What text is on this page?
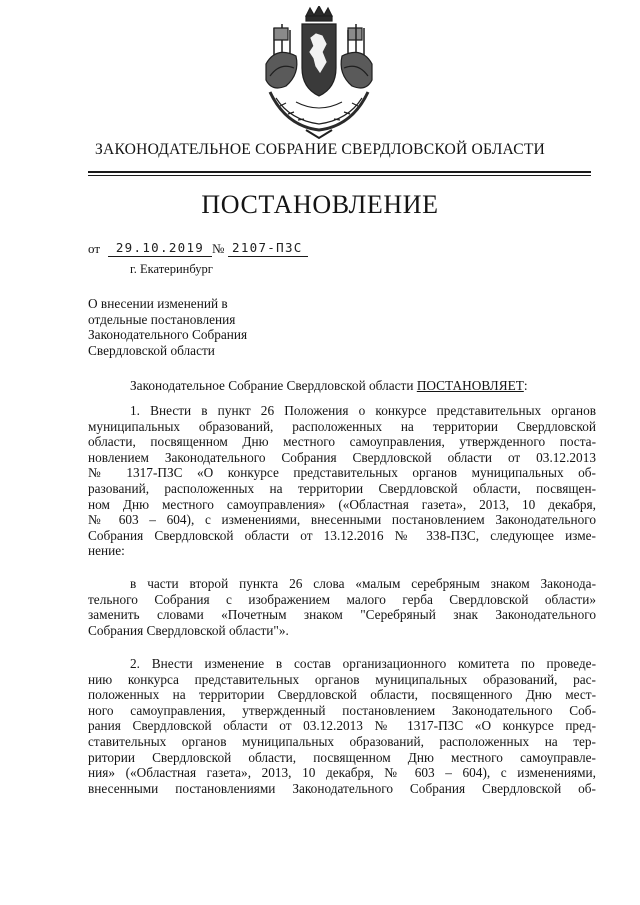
ЗАКОНОДАТЕЛЬНОЕ СОБРАНИЕ СВЕРДЛОВСКОЙ ОБЛАСТИ
ПОСТАНОВЛЕНИЕ
от	29.10.2019 № 2107-ПЗС
г. Екатеринбург
О внесении изменений в
отдельные постановления
Законодательного Собрания
Свердловской области
Законодательное Собрание Свердловской области ПОСТАНОВЛЯЕТ:
1. Внести в пункт 26 Положения о конкурсе представительных органов
муниципальных образований, расположенных на территории Свердловской
области, посвященном Дню местного самоуправления, утвержденного поста-
новлением Законодательного Собрания Свердловской области от 03.12.2013
№ 1317-ПЗС «О конкурсе представительных органов муниципальных об-
разований, расположенных на территории Свердловской области, посвящен-
ном Дню местного самоуправления» («Областная газета», 2013, 10 декабря,
№ 603 – 604), с изменениями, внесенными постановлением Законодательного
Собрания Свердловской области от 13.12.2016 № 338-ПЗС, следующее изме-
нение:
в части второй пункта 26 слова «малым серебряным знаком Законода-
тельного Собрания с изображением малого герба Свердловской области»
заменить словами «Почетным знаком "Серебряный знак Законодательного
Собрания Свердловской области"».
2. Внести изменение в состав организационного комитета по проведе-
нию конкурса представительных органов муниципальных образований, рас-
положенных на территории Свердловской области, посвященного Дню мест-
ного самоуправления, утвержденный постановлением Законодательного Соб-
рания Свердловской области от 03.12.2013 № 1317-ПЗС «О конкурсе пред-
ставительных органов муниципальных образований, расположенных на тер-
ритории Свердловской области, посвященном Дню местного самоуправле-
ния» («Областная газета», 2013, 10 декабря, № 603 – 604), с изменениями,
внесенными постановлениями Законодательного Собрания Свердловской об-
